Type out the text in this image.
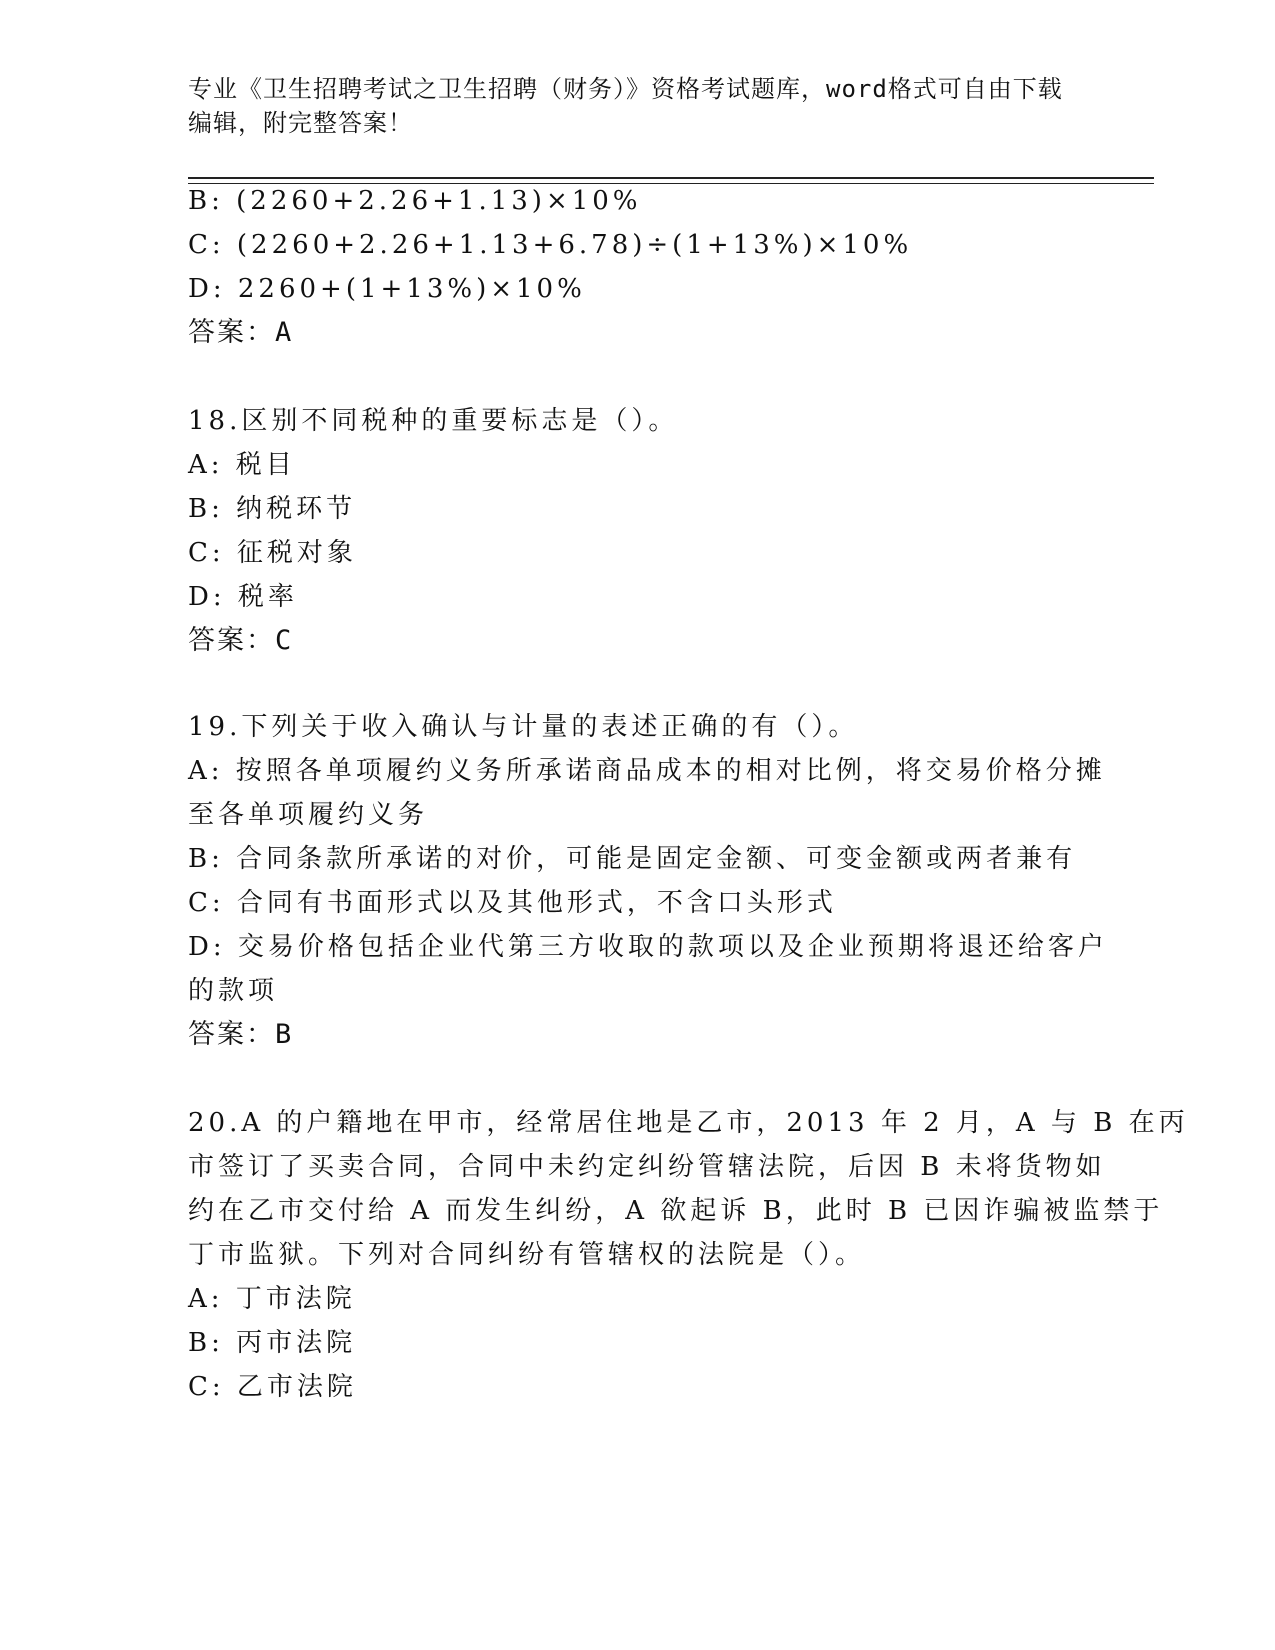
专业《卫生招聘考试之卫生招聘（财务）》资格考试题库，word格式可自由下载
编辑，附完整答案！
B: (2260+2.26+1.13)×10%
C: (2260+2.26+1.13+6.78)÷(1+13%)×10%
D: 2260+(1+13%)×10%
答案：A
18.区别不同税种的重要标志是（）。
A: 税目
B: 纳税环节
C: 征税对象
D: 税率
答案：C
19.下列关于收入确认与计量的表述正确的有（）。
A: 按照各单项履约义务所承诺商品成本的相对比例，将交易价格分摊
至各单项履约义务
B: 合同条款所承诺的对价，可能是固定金额、可变金额或两者兼有
C: 合同有书面形式以及其他形式，不含口头形式
D: 交易价格包括企业代第三方收取的款项以及企业预期将退还给客户
的款项
答案：B
20.A 的户籍地在甲市，经常居住地是乙市，2013 年 2 月，A 与 B 在丙
市签订了买卖合同，合同中未约定纠纷管辖法院，后因 B 未将货物如
约在乙市交付给 A 而发生纠纷，A 欲起诉 B，此时 B 已因诈骗被监禁于
丁市监狱。下列对合同纠纷有管辖权的法院是（）。
A: 丁市法院
B: 丙市法院
C: 乙市法院
